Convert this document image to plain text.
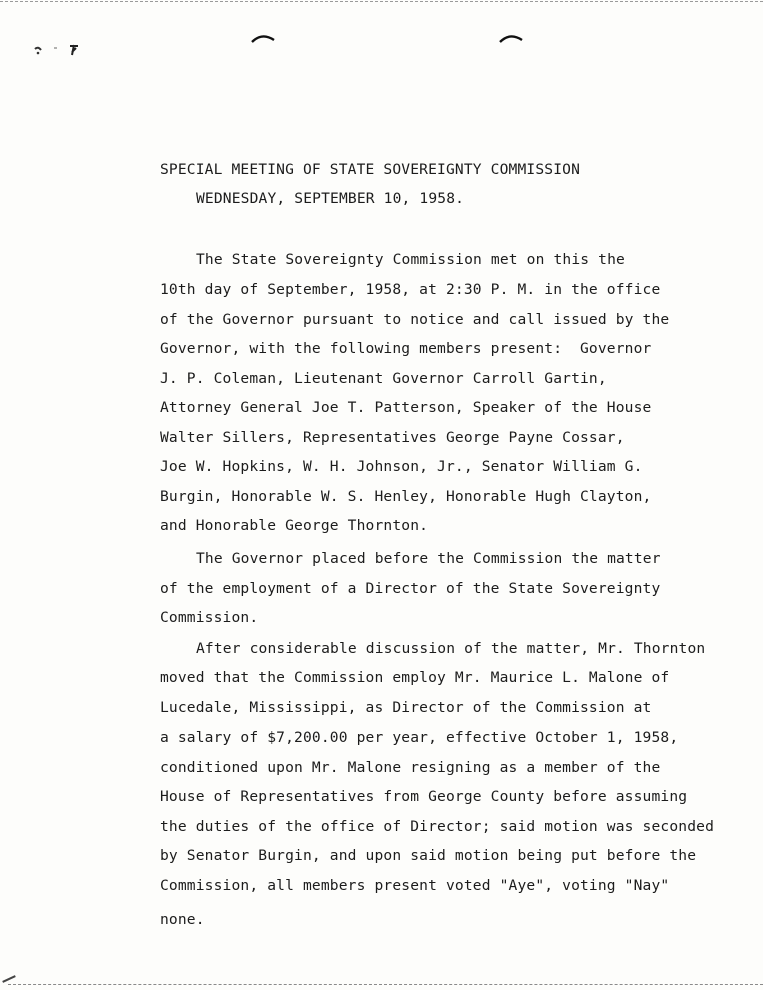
SPECIAL MEETING OF STATE SOVEREIGNTY COMMISSION
WEDNESDAY, SEPTEMBER 10, 1958.
The State Sovereignty Commission met on this the
10th day of September, 1958, at 2:30 P. M. in the office
of the Governor pursuant to notice and call issued by the
Governor, with the following members present:  Governor
J. P. Coleman, Lieutenant Governor Carroll Gartin,
Attorney General Joe T. Patterson, Speaker of the House
Walter Sillers, Representatives George Payne Cossar,
Joe W. Hopkins, W. H. Johnson, Jr., Senator William G.
Burgin, Honorable W. S. Henley, Honorable Hugh Clayton,
and Honorable George Thornton.
The Governor placed before the Commission the matter
of the employment of a Director of the State Sovereignty
Commission.
After considerable discussion of the matter, Mr. Thornton
moved that the Commission employ Mr. Maurice L. Malone of
Lucedale, Mississippi, as Director of the Commission at
a salary of $7,200.00 per year, effective October 1, 1958,
conditioned upon Mr. Malone resigning as a member of the
House of Representatives from George County before assuming
the duties of the office of Director; said motion was seconded
by Senator Burgin, and upon said motion being put before the
Commission, all members present voted "Aye", voting "Nay"
none.
